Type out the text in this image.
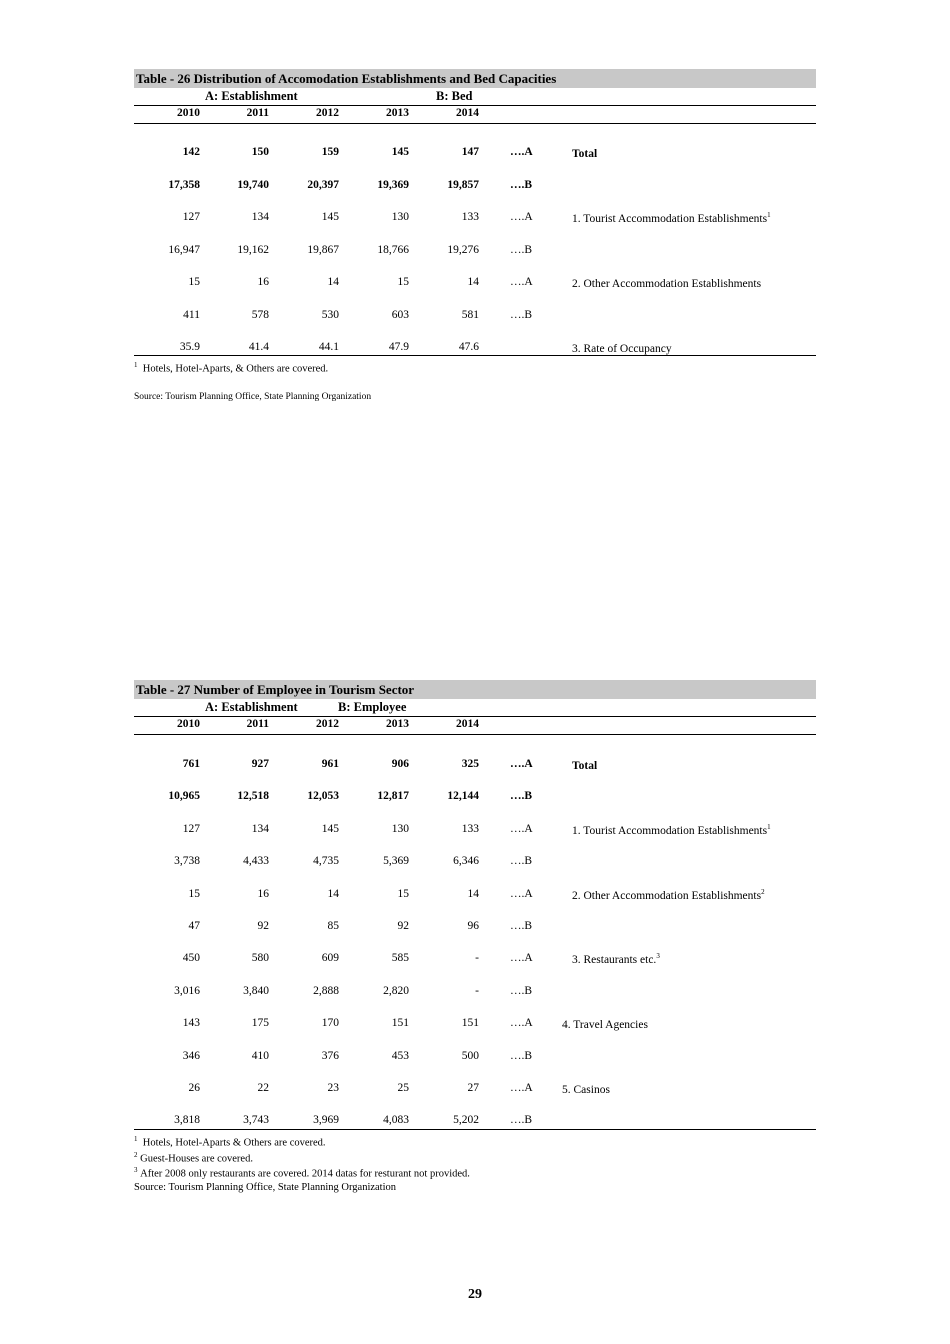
Table - 26 Distribution of Accomodation Establishments and Bed Capacities
A: Establishment	B: Bed
2010	2011	2012	2013	2014
142	150	159	145	147	….A	Total
17,358	19,740	20,397	19,369	19,857	….B
127	134	145	130	133	….A	1. Tourist Accommodation Establishments$^1$
16,947	19,162	19,867	18,766	19,276	….B
15	16	14	15	14	….A	2. Other Accommodation Establishments
411	578	530	603	581	….B
35.9	41.4	44.1	47.9	47.6	3. Rate of Occupancy
$^1$ Hotels, Hotel-Aparts, & Others are covered.
Source: Tourism Planning Office, State Planning Organization
Table - 27 Number of Employee in Tourism Sector
A: Establishment	B: Employee
2010	2011	2012	2013	2014
761	927	961	906	325	….A	Total
10,965	12,518	12,053	12,817	12,144	….B
127	134	145	130	133	….A	1. Tourist Accommodation Establishments$^1$
3,738	4,433	4,735	5,369	6,346	….B
15	16	14	15	14	….A	2. Other Accommodation Establishments$^2$
47	92	85	92	96	….B
450	580	609	585	-	….A	3. Restaurants etc.$^3$
3,016	3,840	2,888	2,820	-	….B
143	175	170	151	151	….A	4. Travel Agencies
346	410	376	453	500	….B
26	22	23	25	27	….A	5. Casinos
3,818	3,743	3,969	4,083	5,202	….B
$^1$ Hotels, Hotel-Aparts & Others are covered.
$^2$ Guest-Houses are covered.
$^3$ After 2008 only restaurants are covered. 2014 datas for resturant not provided.
Source: Tourism Planning Office, State Planning Organization
29
